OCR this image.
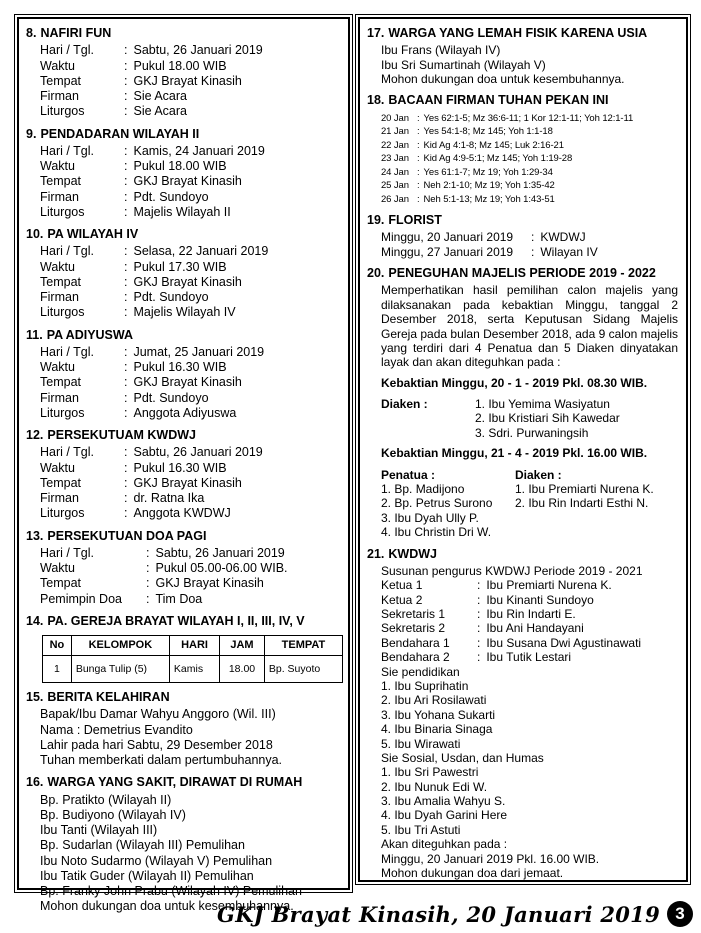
8. NAFIRI FUN
Hari / Tgl.	: Sabtu, 26 Januari 2019
Waktu	: Pukul 18.00 WIB
Tempat	: GKJ Brayat Kinasih
Firman	: Sie Acara
Liturgos	: Sie Acara
9. PENDADARAN WILAYAH II
Hari / Tgl.	: Kamis, 24 Januari 2019
Waktu	: Pukul 18.00 WIB
Tempat	: GKJ Brayat Kinasih
Firman	: Pdt. Sundoyo
Liturgos	: Majelis Wilayah II
10. PA WILAYAH IV
Hari / Tgl.	: Selasa, 22 Januari 2019
Waktu	: Pukul 17.30 WIB
Tempat	: GKJ Brayat Kinasih
Firman	: Pdt. Sundoyo
Liturgos	: Majelis Wilayah IV
11. PA ADIYUSWA
Hari / Tgl.	: Jumat, 25 Januari 2019
Waktu	: Pukul 16.30 WIB
Tempat	: GKJ Brayat Kinasih
Firman	: Pdt. Sundoyo
Liturgos	: Anggota Adiyuswa
12. PERSEKUTUAM KWDWJ
Hari / Tgl.	: Sabtu, 26 Januari 2019
Waktu	: Pukul 16.30 WIB
Tempat	: GKJ Brayat Kinasih
Firman	: dr. Ratna Ika
Liturgos	: Anggota KWDWJ
13. PERSEKUTUAN DOA PAGI
Hari / Tgl.	: Sabtu, 26 Januari 2019
Waktu	: Pukul 05.00-06.00 WIB.
Tempat	: GKJ Brayat Kinasih
Pemimpin Doa	: Tim Doa
14. PA. GEREJA BRAYAT WILAYAH I, II, III, IV, V
No	KELOMPOK	HARI	JAM	TEMPAT
1	Bunga Tulip (5)	Kamis	18.00	Bp. Suyoto
15. BERITA KELAHIRAN
Bapak/Ibu Damar Wahyu Anggoro (Wil. III)
Nama : Demetrius Evandito
Lahir pada hari Sabtu, 29 Desember 2018
Tuhan memberkati dalam pertumbuhannya.
16. WARGA YANG SAKIT, DIRAWAT DI RUMAH
Bp. Pratikto (Wilayah II)
Bp. Budiyono (Wilayah IV)
Ibu Tanti (Wilayah III)
Bp. Sudarlan (Wilayah III) Pemulihan
Ibu Noto Sudarmo (Wilayah V) Pemulihan
Ibu Tatik Guder (Wilayah II) Pemulihan
Bp. Franky John Prabu (Wilayah IV) Pemulihan
Mohon dukungan doa untuk kesembuhannya.
17. WARGA YANG LEMAH FISIK KARENA USIA
Ibu Frans (Wilayah IV)
Ibu Sri Sumartinah (Wilayah V)
Mohon dukungan doa untuk kesembuhannya.
18. BACAAN FIRMAN TUHAN PEKAN INI
20 Jan : Yes 62:1-5; Mz 36:6-11; 1 Kor 12:1-11; Yoh 12:1-11
21 Jan : Yes 54:1-8; Mz 145; Yoh 1:1-18
22 Jan : Kid Ag 4:1-8; Mz 145; Luk 2:16-21
23 Jan : Kid Ag 4:9-5:1; Mz 145; Yoh 1:19-28
24 Jan : Yes 61:1-7; Mz 19; Yoh 1:29-34
25 Jan : Neh 2:1-10; Mz 19; Yoh 1:35-42
26 Jan : Neh 5:1-13; Mz 19; Yoh 1:43-51
19. FLORIST
Minggu, 20 Januari 2019	: KWDWJ
Minggu, 27 Januari 2019	: Wilayan IV
20. PENEGUHAN MAJELIS PERIODE 2019 - 2022
Memperhatikan hasil pemilihan calon majelis yang dilaksanakan pada kebaktian Minggu, tanggal 2 Desember 2018, serta Keputusan Sidang Majelis Gereja pada bulan Desember 2018, ada 9 calon majelis yang terdiri dari 4 Penatua dan 5 Diaken dinyatakan layak dan akan diteguhkan pada :
Kebaktian Minggu, 20 - 1 - 2019 Pkl. 08.30 WIB.
Diaken :	1. Ibu Yemima Wasiyatun
2. Ibu Kristiari Sih Kawedar
3. Sdri. Purwaningsih
Kebaktian Minggu, 21 - 4 - 2019 Pkl. 16.00 WIB.
Penatua :
1. Bp. Madijono
2. Bp. Petrus Surono
3. Ibu Dyah Ully P.
4. Ibu Christin Dri W.
Diaken :
1. Ibu Premiarti Nurena K.
2. Ibu Rin Indarti Esthi N.
21. KWDWJ
Susunan pengurus KWDWJ Periode 2019 - 2021
Ketua 1	: Ibu Premiarti Nurena K.
Ketua 2	: Ibu Kinanti Sundoyo
Sekretaris 1	: Ibu Rin Indarti E.
Sekretaris 2	: Ibu Ani Handayani
Bendahara 1	: Ibu Susana Dwi Agustinawati
Bendahara 2	: Ibu Tutik Lestari
Sie pendidikan
1. Ibu Suprihatin
2. Ibu Ari Rosilawati
3. Ibu Yohana Sukarti
4. Ibu Binaria Sinaga
5. Ibu Wirawati
Sie Sosial, Usdan, dan Humas
1. Ibu Sri Pawestri
2. Ibu Nunuk Edi W.
3. Ibu Amalia Wahyu S.
4. Ibu Dyah Garini Here
5. Ibu Tri Astuti
Akan diteguhkan pada :
Minggu, 20 Januari 2019 Pkl. 16.00 WIB.
Mohon dukungan doa dari jemaat.
GKJ Brayat Kinasih, 20 Januari 2019 3
